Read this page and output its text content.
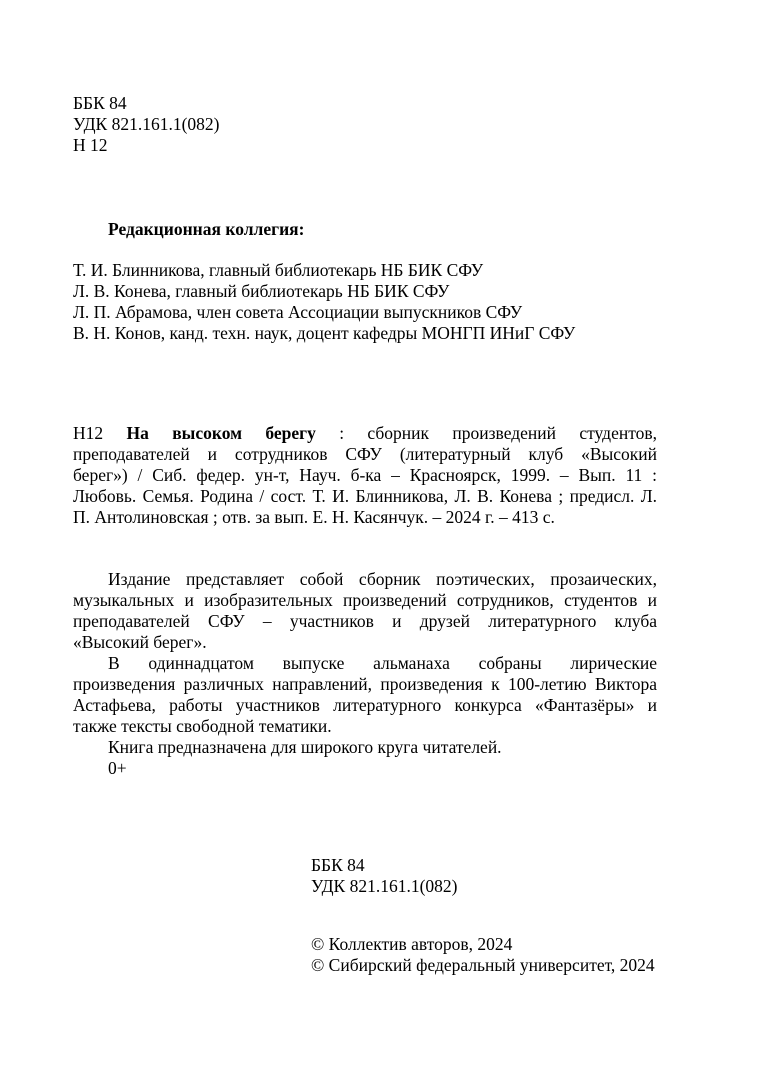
ББК 84
УДК 821.161.1(082)
Н 12
Редакционная коллегия:
Т. И. Блинникова, главный библиотекарь НБ БИК СФУ
Л. В. Конева, главный библиотекарь НБ БИК СФУ
Л. П. Абрамова, член совета Ассоциации выпускников СФУ
В. Н. Конов, канд. техн. наук, доцент кафедры МОНГП ИНиГ СФУ
Н12 На высоком берегу : сборник произведений студентов,
преподавателей и сотрудников СФУ (литературный клуб «Высокий
берег») / Сиб. федер. ун-т, Науч. б-ка – Красноярск, 1999. – Вып. 11 :
Любовь. Семья. Родина / сост. Т. И. Блинникова, Л. В. Конева ; предисл. Л.
П. Антолиновская ; отв. за вып. Е. Н. Касянчук. – 2024 г. – 413 с.
Издание представляет собой сборник поэтических, прозаических,
музыкальных и изобразительных произведений сотрудников, студентов и
преподавателей СФУ – участников и друзей литературного клуба
«Высокий берег».
В одиннадцатом выпуске альманаха собраны лирические
произведения различных направлений, произведения к 100-летию Виктора
Астафьева, работы участников литературного конкурса «Фантазёры» и
также тексты свободной тематики.
Книга предназначена для широкого круга читателей.
0+
ББК 84
УДК 821.161.1(082)
© Коллектив авторов, 2024
© Сибирский федеральный университет, 2024
